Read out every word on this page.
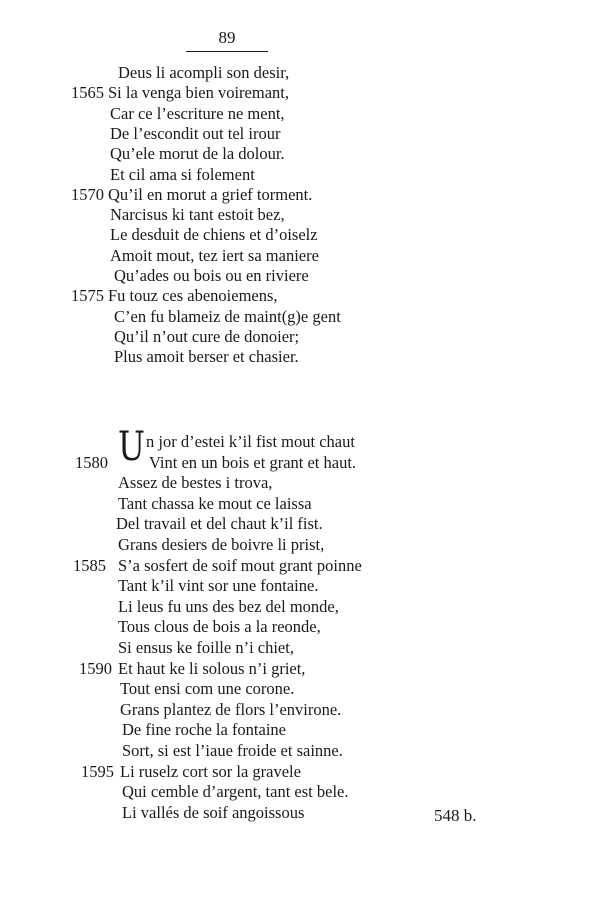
89
Deus li acompli son desir,
1565 Si la venga bien voiremant,
Car ce l’escriture ne ment,
De l’escondit out tel irour
Qu’ele morut de la dolour.
Et cil ama si folement
1570 Qu’il en morut a grief torment.
Narcisus ki tant estoit bez,
Le desduit de chiens et d’oiselz
Amoit mout, tez iert sa maniere
Qu’ades ou bois ou en riviere
1575 Fu touz ces abenoiemens,
C’en fu blameiz de maint(g)e gent
Qu’il n’out cure de donoier;
Plus amoit berser et chasier.
U n jor d’estei k’il fist mout chaut
1580 Vint en un bois et grant et haut.
Assez de bestes i trova,
Tant chassa ke mout ce laissa
Del travail et del chaut k’il fist.
Grans desiers de boivre li prist,
1585 S’a sosfert de soif mout grant poinne
Tant k’il vint sor une fontaine.
Li leus fu uns des bez del monde,
Tous clous de bois a la reonde,
Si ensus ke foille n’i chiet,
1590 Et haut ke li solous n’i griet,
Tout ensi com une corone.
Grans plantez de flors l’environe.
De fine roche la fontaine
Sort, si est l’iaue froide et sainne.
1595 Li ruselz cort sor la gravele
Qui cemble d’argent, tant est bele.
Li vallés de soif angoissous	548 b.
